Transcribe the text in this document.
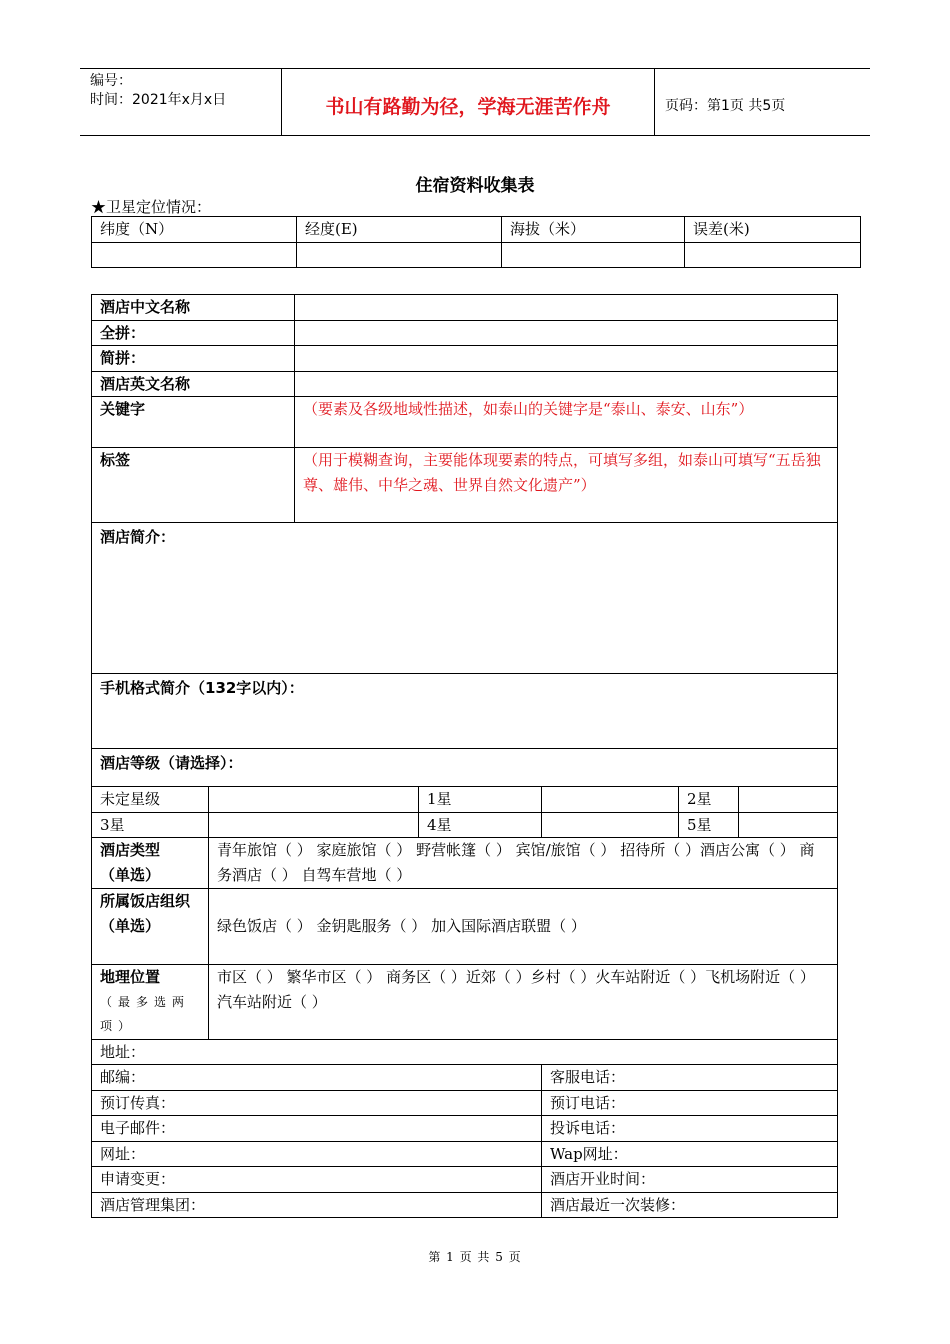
编号：
时间：2021年x月x日	书山有路勤为径，学海无涯苦作舟	页码：第1页 共5页
住宿资料收集表
★卫星定位情况：
纬度（N）	经度(E)	海拔（米）	误差(米)

酒店中文名称						
全拼：						
简拼：						
酒店英文名称						
关键字		（要素及各级地域性描述，如泰山的关键字是“泰山、泰安、山东”）				
标签		（用于模糊查询，主要能体现要素的特点，可填写多组，如泰山可填写“五岳独尊、雄伟、中华之魂、世界自然文化遗产”）				
酒店简介：						
手机格式简介（132字以内）：						
酒店等级（请选择）：						
未定星级			1星		2星	
3星			4星		5星	

酒店类型
（单选）	青年旅馆（ ） 家庭旅馆（ ） 野营帐篷（ ） 宾馆/旅馆（ ） 招待所（ ）酒店公寓（ ） 商务酒店（ ） 自驾车营地（ ）					

所属饭店组织
（单选）	绿色饭店（ ） 金钥匙服务（ ） 加入国际酒店联盟（ ）					

地理位置
（最多选两项）	市区（ ） 繁华市区（ ） 商务区（ ）近郊（ ）乡村（ ）火车站附近（ ）飞机场附近（ ） 汽车站附近（ ）					
地址：						
邮编：				客服电话：		
预订传真：				预订电话：		
电子邮件：				投诉电话：		
网址：				Wap网址：		
申请变更：				酒店开业时间：		
酒店管理集团：				酒店最近一次装修：		
第 1 页 共 5 页
